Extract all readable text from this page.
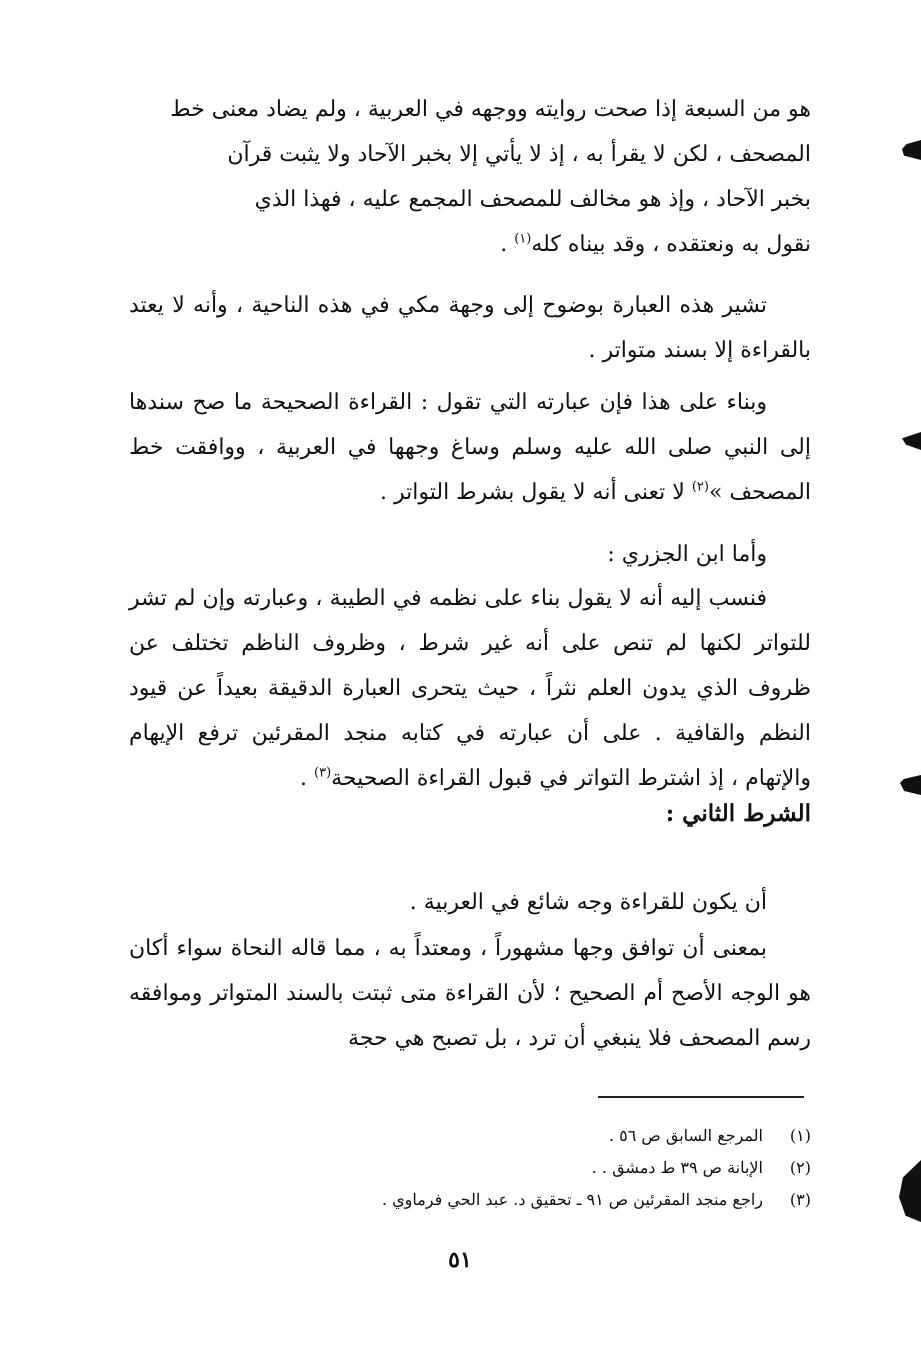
هو من السبعة إذا صحت روايته ووجهه في العربية ، ولم يضاد معنى خط
المصحف ، لكن لا يقرأ به ، إذ لا يأتي إلا بخبر الآحاد ولا يثبت قرآن
بخبر الآحاد ، وإذ هو مخالف للمصحف المجمع عليه ، فهذا الذي
نقول به ونعتقده ، وقد بيناه كله$^{(١)}$ .

تشير هذه العبارة بوضوح إلى وجهة مكي في هذه الناحية ، وأنه لا يعتد بالقراءة إلا بسند متواتر .

وبناء على هذا فإن عبارته التي تقول : القراءة الصحيحة ما صح سندها إلى النبي صلى الله عليه وسلم وساغ وجهها في العربية ، ووافقت خط المصحف »$^{(٢)}$ لا تعنى أنه لا يقول بشرط التواتر .

وأما ابن الجزري :

فنسب إليه أنه لا يقول بناء على نظمه في الطيبة ، وعبارته وإن لم تشر للتواتر لكنها لم تنص على أنه غير شرط ، وظروف الناظم تختلف عن ظروف الذي يدون العلم نثراً ، حيث يتحرى العبارة الدقيقة بعيداً عن قيود النظم والقافية . على أن عبارته في كتابه منجد المقرئين ترفع الإيهام والإتهام ، إذ اشترط التواتر في قبول القراءة الصحيحة$^{(٣)}$ .

الشرط الثاني :

أن يكون للقراءة وجه شائع في العربية .

بمعنى أن توافق وجها مشهوراً ، ومعتداً به ، مما قاله النحاة سواء أكان هو الوجه الأصح أم الصحيح ؛ لأن القراءة متى ثبتت بالسند المتواتر وموافقه رسم المصحف فلا ينبغي أن ترد ، بل تصبح هي حجة

(١)
المرجع السابق ص ٥٦ .
(٢)
الإبانة ص ٣٩ ط دمشق . .
(٣)
راجع منجد المقرئين ص ٩١ ـ تحقيق د. عبد الحي فرماوي .
٥١
